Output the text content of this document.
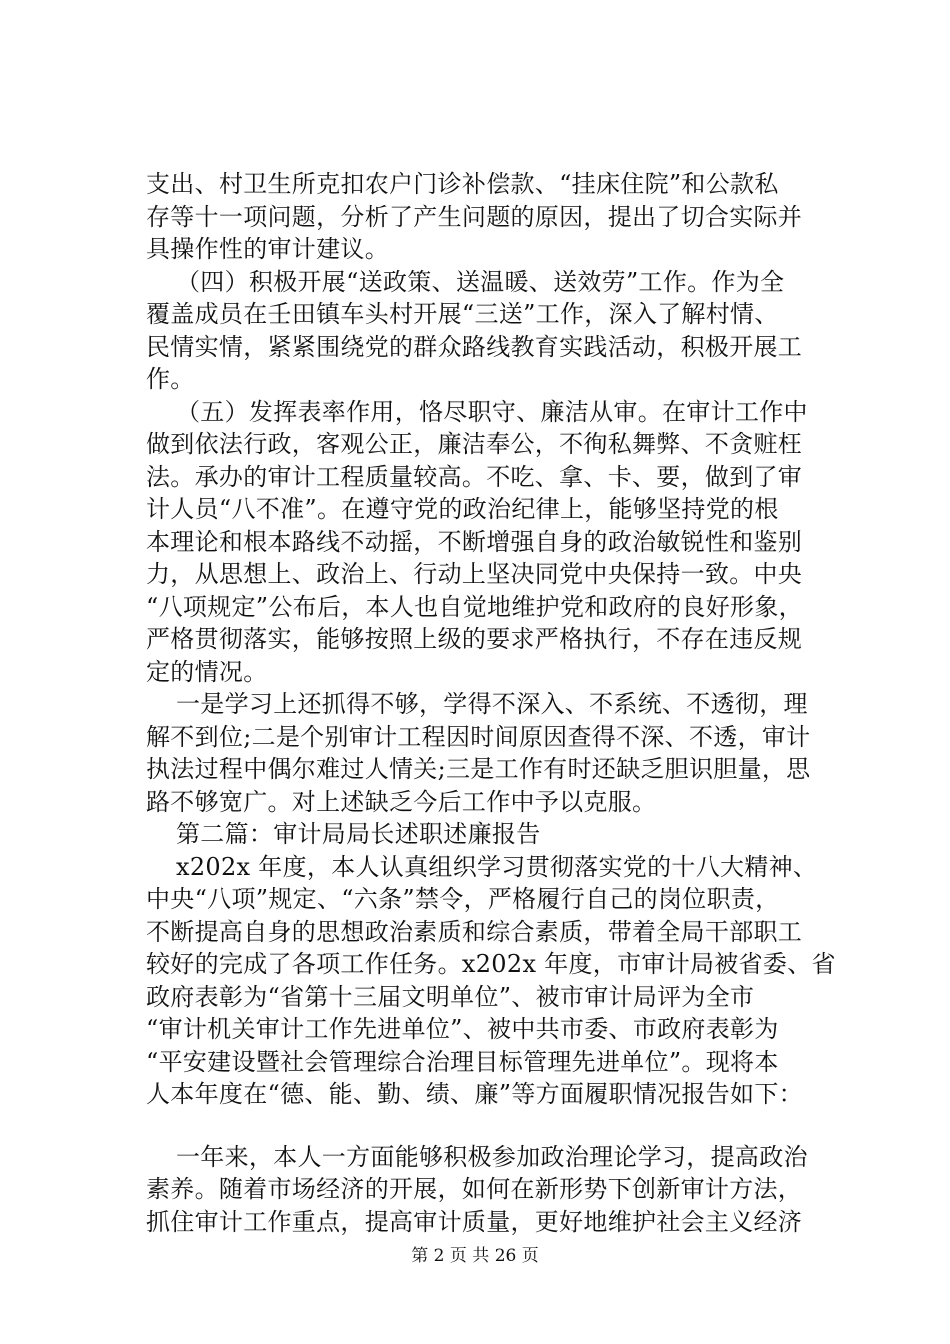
支出、村卫生所克扣农户门诊补偿款、“挂床住院”和公款私
存等十一项问题，分析了产生问题的原因，提出了切合实际并
具操作性的审计建议。
（四）积极开展“送政策、送温暖、送效劳”工作。作为全
覆盖成员在壬田镇车头村开展“三送”工作，深入了解村情、
民情实情，紧紧围绕党的群众路线教育实践活动，积极开展工
作。
（五）发挥表率作用，恪尽职守、廉洁从审。在审计工作中
做到依法行政，客观公正，廉洁奉公，不徇私舞弊、不贪赃枉
法。承办的审计工程质量较高。不吃、拿、卡、要，做到了审
计人员“八不准”。在遵守党的政治纪律上，能够坚持党的根
本理论和根本路线不动摇，不断增强自身的政治敏锐性和鉴别
力，从思想上、政治上、行动上坚决同党中央保持一致。中央
“八项规定”公布后，本人也自觉地维护党和政府的良好形象，
严格贯彻落实，能够按照上级的要求严格执行，不存在违反规
定的情况。
一是学习上还抓得不够，学得不深入、不系统、不透彻，理
解不到位;二是个别审计工程因时间原因查得不深、不透，审计
执法过程中偶尔难过人情关;三是工作有时还缺乏胆识胆量，思
路不够宽广。对上述缺乏今后工作中予以克服。
第二篇：审计局局长述职述廉报告
x202x 年度，本人认真组织学习贯彻落实党的十八大精神、
中央“八项”规定、“六条”禁令，严格履行自己的岗位职责，
不断提高自身的思想政治素质和综合素质，带着全局干部职工
较好的完成了各项工作任务。x202x 年度，市审计局被省委、省
政府表彰为“省第十三届文明单位”、被市审计局评为全市
“审计机关审计工作先进单位”、被中共市委、市政府表彰为
“平安建设暨社会管理综合治理目标管理先进单位”。现将本
人本年度在“德、能、勤、绩、廉”等方面履职情况报告如下：
一年来，本人一方面能够积极参加政治理论学习，提高政治
素养。随着市场经济的开展，如何在新形势下创新审计方法，
抓住审计工作重点，提高审计质量，更好地维护社会主义经济
第 2 页 共 26 页
